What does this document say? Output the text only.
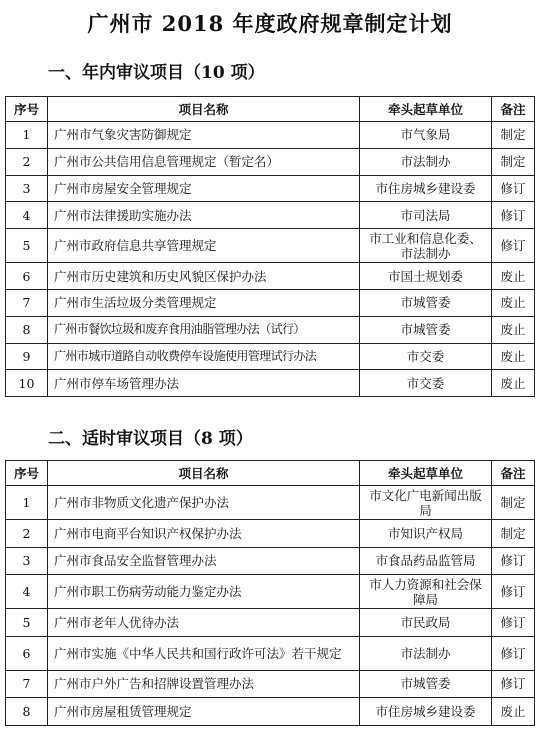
广州市 2018 年度政府规章制定计划
一、年内审议项目（10 项）
序号	项目名称	牵头起草单位	备注
1	广州市气象灾害防御规定	市气象局	制定
2	广州市公共信用信息管理规定（暂定名）	市法制办	制定
3	广州市房屋安全管理规定	市住房城乡建设委	修订
4	广州市法律援助实施办法	市司法局	修订
5	广州市政府信息共享管理规定	市工业和信息化委、市法制办	修订
6	广州市历史建筑和历史风貌区保护办法	市国土规划委	废止
7	广州市生活垃圾分类管理规定	市城管委	废止
8	广州市餐饮垃圾和废弃食用油脂管理办法（试行）	市城管委	废止
9	广州市城市道路自动收费停车设施使用管理试行办法	市交委	废止
10	广州市停车场管理办法	市交委	废止
二、适时审议项目（8 项）
序号	项目名称	牵头起草单位	备注
1	广州市非物质文化遗产保护办法	市文化广电新闻出版局	制定
2	广州市电商平台知识产权保护办法	市知识产权局	制定
3	广州市食品安全监督管理办法	市食品药品监管局	修订
4	广州市职工伤病劳动能力鉴定办法	市人力资源和社会保障局	修订
5	广州市老年人优待办法	市民政局	修订
6	广州市实施《中华人民共和国行政许可法》若干规定	市法制办	修订
7	广州市户外广告和招牌设置管理办法	市城管委	修订
8	广州市房屋租赁管理规定	市住房城乡建设委	废止
